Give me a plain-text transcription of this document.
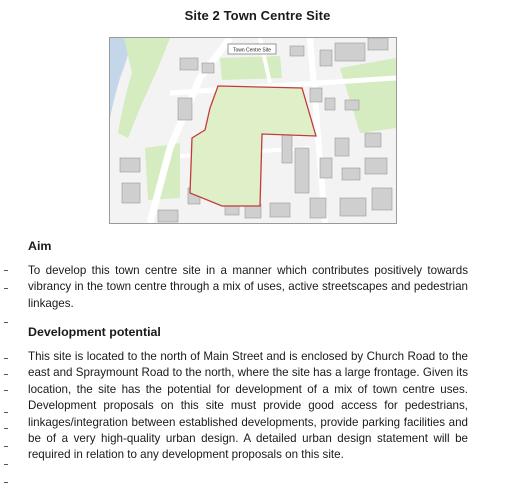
Site 2 Town Centre Site
Town Centre Site
Aim

To develop this town centre site in a manner which contributes positively towards vibrancy in the town centre through a mix of uses, active streetscapes and pedestrian linkages.

Development potential

This site is located to the north of Main Street and is enclosed by Church Road to the east and Spraymount Road to the north, where the site has a large frontage. Given its location, the site has the potential for development of a mix of town centre uses. Development proposals on this site must provide good access for pedestrians, linkages/integration between established developments, provide parking facilities and be of a very high-quality urban design. A detailed urban design statement will be required in relation to any development proposals on this site.
